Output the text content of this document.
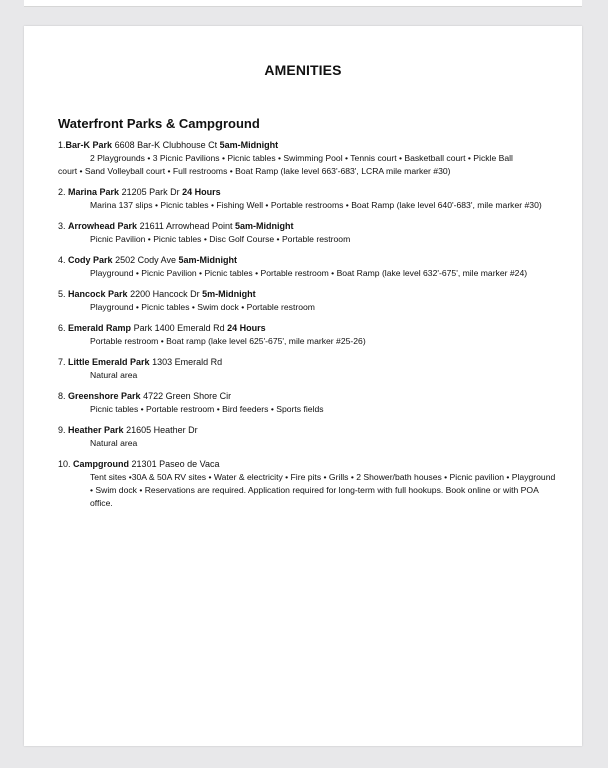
AMENITIES
Waterfront Parks & Campground
1.Bar-K Park 6608 Bar-K Clubhouse Ct 5am-Midnight
2 Playgrounds • 3 Picnic Pavilions • Picnic tables • Swimming Pool • Tennis court • Basketball court • Pickle Ball
court • Sand Volleyball court • Full restrooms • Boat Ramp (lake level 663'-683', LCRA mile marker #30)
2. Marina Park 21205 Park Dr 24 Hours
Marina 137 slips • Picnic tables • Fishing Well • Portable restrooms • Boat Ramp (lake level 640'-683', mile marker #30)
3. Arrowhead Park 21611 Arrowhead Point 5am-Midnight
Picnic Pavilion • Picnic tables • Disc Golf Course • Portable restroom
4. Cody Park 2502 Cody Ave 5am-Midnight
Playground • Picnic Pavilion • Picnic tables • Portable restroom • Boat Ramp (lake level 632'-675', mile marker #24)
5. Hancock Park 2200 Hancock Dr 5m-Midnight
Playground • Picnic tables • Swim dock • Portable restroom
6. Emerald Ramp Park 1400 Emerald Rd 24 Hours
Portable restroom • Boat ramp (lake level 625'-675', mile marker #25-26)
7. Little Emerald Park 1303 Emerald Rd
Natural area
8. Greenshore Park 4722 Green Shore Cir
Picnic tables • Portable restroom • Bird feeders • Sports fields
9. Heather Park 21605 Heather Dr
Natural area
10. Campground 21301 Paseo de Vaca
Tent sites •30A & 50A RV sites • Water & electricity • Fire pits • Grills • 2 Shower/bath houses • Picnic pavilion • Playground • Swim dock • Reservations are required. Application required for long-term with full hookups. Book online or with POA office.
